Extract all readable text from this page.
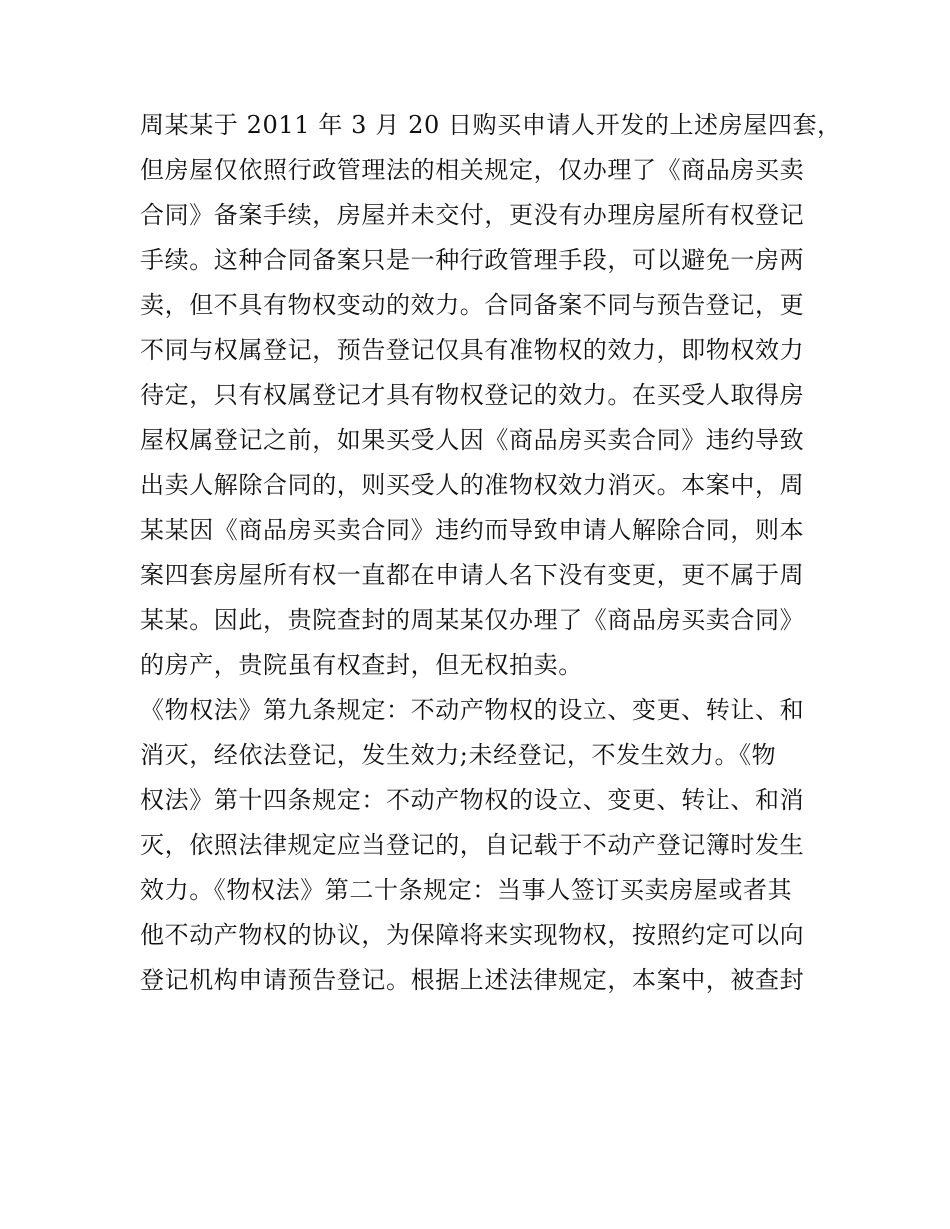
周某某于 2011 年 3 月 20 日购买申请人开发的上述房屋四套，
但房屋仅依照行政管理法的相关规定，仅办理了《商品房买卖
合同》备案手续，房屋并未交付，更没有办理房屋所有权登记
手续。这种合同备案只是一种行政管理手段，可以避免一房两
卖，但不具有物权变动的效力。合同备案不同与预告登记，更
不同与权属登记，预告登记仅具有准物权的效力，即物权效力
待定，只有权属登记才具有物权登记的效力。在买受人取得房
屋权属登记之前，如果买受人因《商品房买卖合同》违约导致
出卖人解除合同的，则买受人的准物权效力消灭。本案中，周
某某因《商品房买卖合同》违约而导致申请人解除合同，则本
案四套房屋所有权一直都在申请人名下没有变更，更不属于周
某某。因此，贵院查封的周某某仅办理了《商品房买卖合同》
的房产，贵院虽有权查封，但无权拍卖。
《物权法》第九条规定：不动产物权的设立、变更、转让、和
消灭，经依法登记，发生效力;未经登记，不发生效力。《物
权法》第十四条规定：不动产物权的设立、变更、转让、和消
灭，依照法律规定应当登记的，自记载于不动产登记簿时发生
效力。《物权法》第二十条规定：当事人签订买卖房屋或者其
他不动产物权的协议，为保障将来实现物权，按照约定可以向
登记机构申请预告登记。根据上述法律规定，本案中，被查封
